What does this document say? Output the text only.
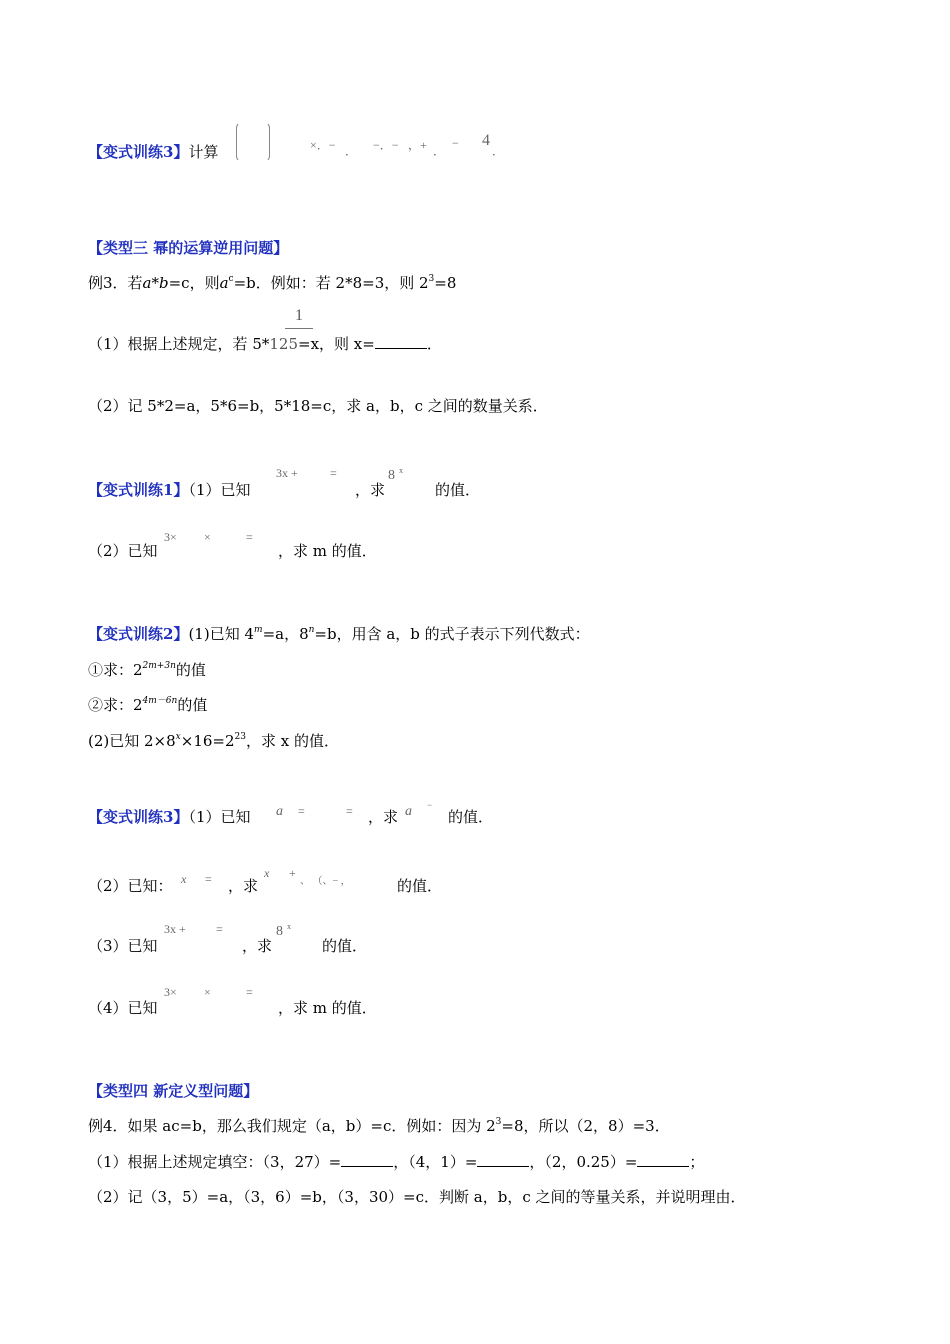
【变式训练3】计算	×．− ． −．− ，+ ．
− 4
．
【类型三 幂的运算逆用问题】
例3．若a*b=c，则$a^c=b$．例如：若 2*8=3，则 $2^3=8$
1
（1）根据上述规定，若 5*125=x，则 x=	．
（2）记 5*2=a，5*6=b，5*18=c，求 a，b，c 之间的数量关系．
3x +	=	8 x
【变式训练1】（1）已知	，求	的值．
3× ×	=
（2）已知	，求 m 的值．
【变式训练2】(1)已知 $4^m=a$，$8^n=b$，用含 a，b 的式子表示下列代数式：
①求：$2^{2m+3n}$的值
②求：$2^{4m-6n}$的值
(2)已知 $2\times 8^x\times 16=2^{23}$，求 x 的值．
【变式训练3】（1）已知 a =	= ，求 a −
的值．
（2）已知： x = ，求
x +
、 （、− ，	的值．
3x +	=	8 x
（3）已知	，求	的值．
3× ×	=
（4）已知	，求 m 的值．
【类型四 新定义型问题】
例4．如果 ac=b，那么我们规定（a，b）=c．例如：因为 $2^3=8$，所以（2，8）=3．
（1）根据上述规定填空：（3，27）=	，（4，1）=	，（2，0.25）=	；
（2）记（3，5）=a，（3，6）=b，（3，30）=c．判断 a，b，c 之间的等量关系，并说明理由．
